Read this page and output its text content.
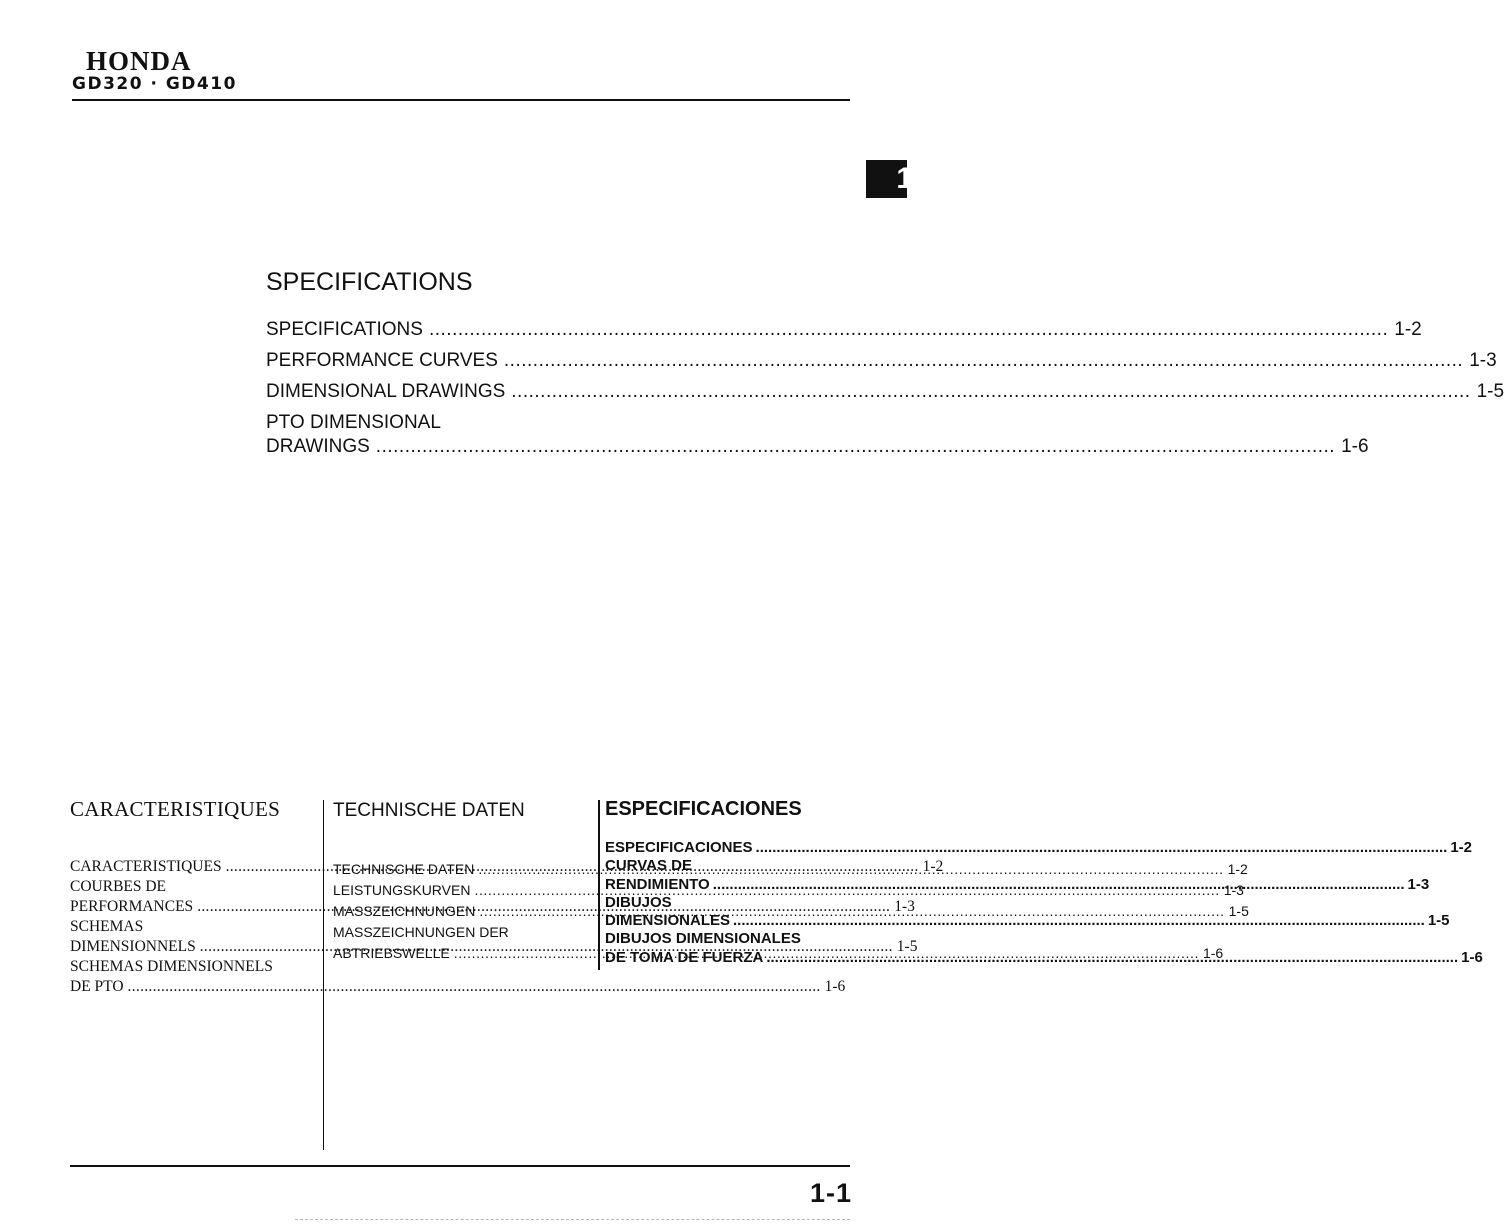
HONDA
GD320 · GD410
1
SPECIFICATIONS
SPECIFICATIONS .....	1-2
PERFORMANCE CURVES .....	1-3
DIMENSIONAL DRAWINGS .....	1-5
PTO DIMENSIONAL
DRAWINGS .....	1-6
CARACTERISTIQUES
CARACTERISTIQUES .....	1-2
COURBES DE
PERFORMANCES .....	1-3
SCHEMAS
DIMENSIONNELS .....	1-5
SCHEMAS DIMENSIONNELS
DE PTO .....	1-6
TECHNISCHE DATEN
TECHNISCHE DATEN .....	1-2
LEISTUNGSKURVEN .....	1-3
MASSZEICHNUNGEN .....	1-5
MASSZEICHNUNGEN DER
ABTRIEBSWELLE .....	1-6
ESPECIFICACIONES
ESPECIFICACIONES .....	1-2
CURVAS DE
RENDIMIENTO .....	1-3
DIBUJOS
DIMENSIONALES .....	1-5
DIBUJOS DIMENSIONALES
DE TOMA DE FUERZA .....	1-6
1-1
